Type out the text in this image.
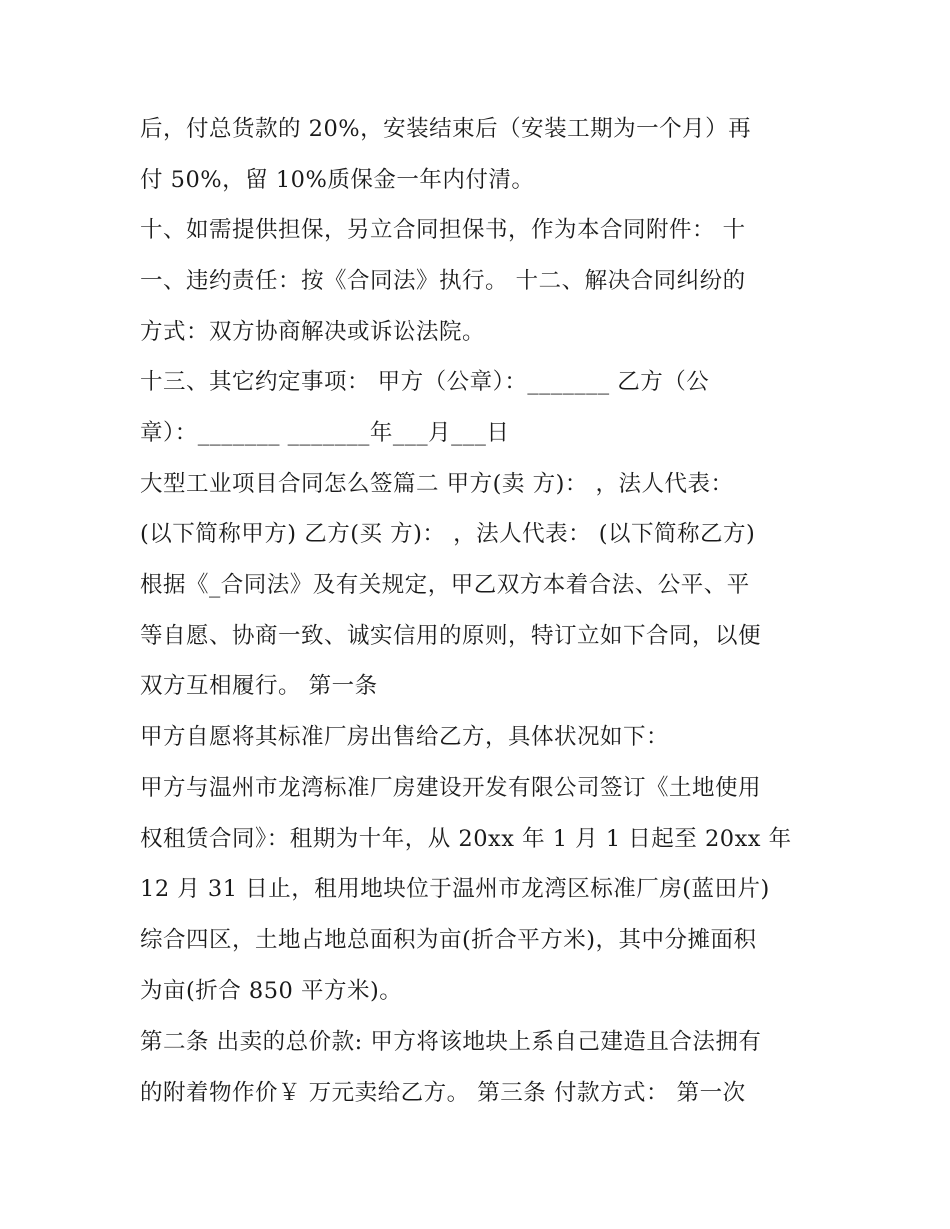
后，付总货款的 20%，安装结束后（安装工期为一个月）再
付 50%，留 10%质保金一年内付清。
十、如需提供担保，另立合同担保书，作为本合同附件： 十
一、违约责任：按《合同法》执行。 十二、解决合同纠纷的
方式：双方协商解决或诉讼法院。
十三、其它约定事项： 甲方（公章）：_______ 乙方（公
章）：_______ _______年___月___日
大型工业项目合同怎么签篇二 甲方(卖 方)： ，法人代表：
(以下简称甲方) 乙方(买 方)： ，法人代表： (以下简称乙方)
根据《_合同法》及有关规定，甲乙双方本着合法、公平、平
等自愿、协商一致、诚实信用的原则，特订立如下合同，以便
双方互相履行。 第一条
甲方自愿将其标准厂房出售给乙方，具体状况如下：
甲方与温州市龙湾标准厂房建设开发有限公司签订《土地使用
权租赁合同》：租期为十年，从 20xx 年 1 月 1 日起至 20xx 年
12 月 31 日止，租用地块位于温州市龙湾区标准厂房(蓝田片)
综合四区，土地占地总面积为亩(折合平方米)，其中分摊面积
为亩(折合 850 平方米)。
第二条 出卖的总价款: 甲方将该地块上系自己建造且合法拥有
的附着物作价￥ 万元卖给乙方。 第三条 付款方式： 第一次
